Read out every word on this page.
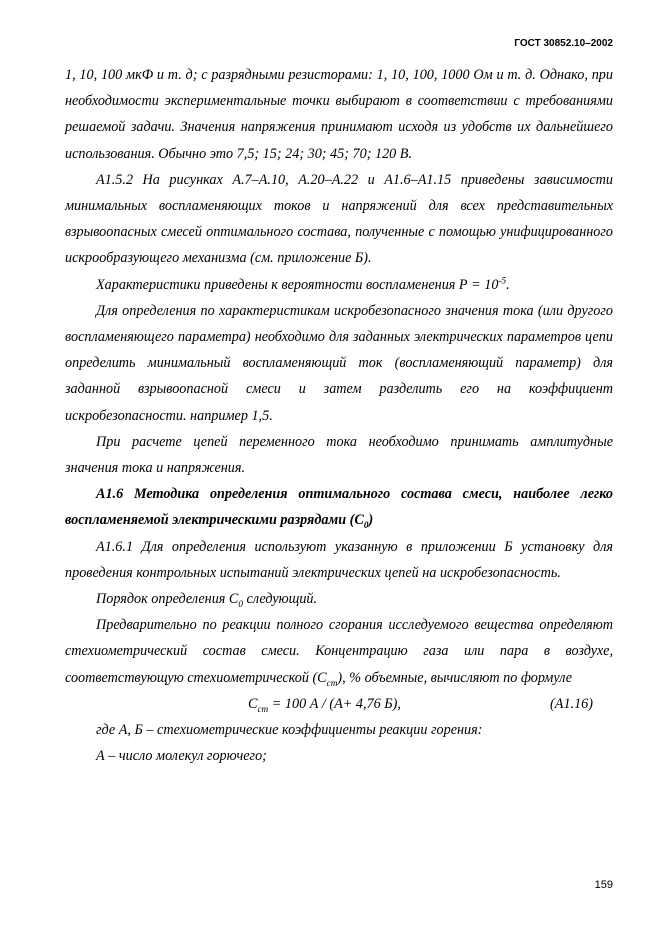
ГОСТ 30852.10–2002

1, 10, 100 мкФ и т. д; с разрядными резисторами: 1, 10, 100, 1000 Ом и т. д. Однако, при необходимости экспериментальные точки выбирают в соответствии с требованиями решаемой задачи. Значения напряжения принимают исходя из удобств их дальнейшего использования. Обычно это 7,5; 15; 24; 30; 45; 70; 120 В.

А1.5.2 На рисунках А.7–А.10, А.20–А.22 и А1.6–А1.15 приведены зависимости минимальных воспламеняющих токов и напряжений для всех представительных взрывоопасных смесей оптимального состава, полученные с помощью унифицированного искрообразующего механизма (см. приложение Б).

Характеристики приведены к вероятности воспламенения $Р = 10^{-5}$.

Для определения по характеристикам искробезопасного значения тока (или другого воспламеняющего параметра) необходимо для заданных электрических параметров цепи определить минимальный воспламеняющий ток (воспламеняющий параметр) для заданной взрывоопасной смеси и затем разделить его на коэффициент искробезопасности. например 1,5.

При расчете цепей переменного тока необходимо принимать амплитудные значения тока и напряжения.

А1.6 Методика определения оптимального состава смеси, наиболее легко воспламеняемой электрическими разрядами $(С_0)$

А1.6.1 Для определения используют указанную в приложении Б установку для проведения контрольных испытаний электрических цепей на искробезопасность.

Порядок определения $С_0$ следующий.

Предварительно по реакции полного сгорания исследуемого вещества определяют стехиометрический состав смеси. Концентрацию газа или пара в воздухе, соответствующую стехиометрической $(С_{ст})$, % объемные, вычисляют по формуле

$С_{ст} = 100$ А / (А+ 4,76 Б),	(А1.16)

где А, Б – стехиометрические коэффициенты реакции горения:

А – число молекул горючего;

159
